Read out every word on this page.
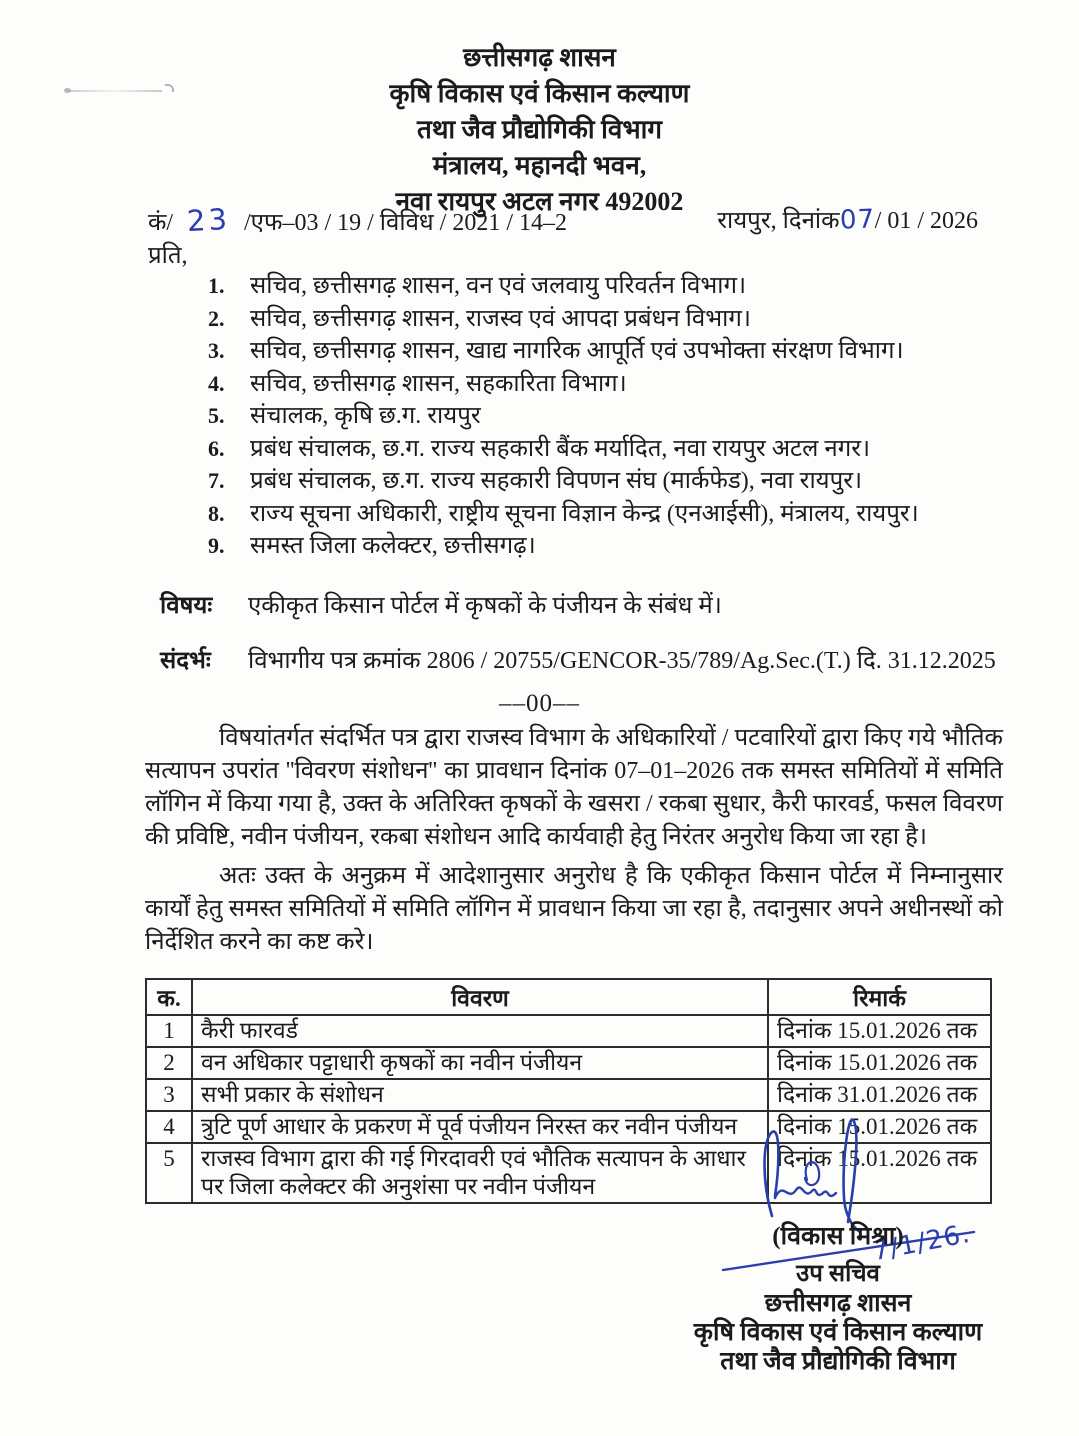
छत्तीसगढ़ शासन
कृषि विकास एवं किसान कल्याण
तथा जैव प्रौद्योगिकी विभाग
मंत्रालय, महानदी भवन,
नवा रायपुर अटल नगर 492002
कं/ 23 /एफ–03 / 19 / विविध / 2021 / 14–2	रायपुर, दिनांक07/ 01 / 2026
प्रति,
1.	सचिव, छत्तीसगढ़ शासन, वन एवं जलवायु परिवर्तन विभाग।
2.	सचिव, छत्तीसगढ़ शासन, राजस्व एवं आपदा प्रबंधन विभाग।
3.	सचिव, छत्तीसगढ़ शासन, खाद्य नागरिक आपूर्ति एवं उपभोक्ता संरक्षण विभाग।
4.	सचिव, छत्तीसगढ़ शासन, सहकारिता विभाग।
5.	संचालक, कृषि छ.ग. रायपुर
6.	प्रबंध संचालक, छ.ग. राज्य सहकारी बैंक मर्यादित, नवा रायपुर अटल नगर।
7.	प्रबंध संचालक, छ.ग. राज्य सहकारी विपणन संघ (मार्कफेड), नवा रायपुर।
8.	राज्य सूचना अधिकारी, राष्ट्रीय सूचना विज्ञान केन्द्र (एनआईसी), मंत्रालय, रायपुर।
9.	समस्त जिला कलेक्टर, छत्तीसगढ़।
विषयः एकीकृत किसान पोर्टल में कृषकों के पंजीयन के संबंध में।
संदर्भः विभागीय पत्र क्रमांक 2806 / 20755/GENCOR-35/789/Ag.Sec.(T.) दि. 31.12.2025
––00––

विषयांतर्गत संदर्भित पत्र द्वारा राजस्व विभाग के अधिकारियों / पटवारियों द्वारा किए गये भौतिक सत्यापन उपरांत ''विवरण संशोधन'' का प्रावधान दिनांक 07–01–2026 तक समस्त समितियों में समिति लॉगिन में किया गया है, उक्त के अतिरिक्त कृषकों के खसरा / रकबा सुधार, कैरी फारवर्ड, फसल विवरण की प्रविष्टि, नवीन पंजीयन, रकबा संशोधन आदि कार्यवाही हेतु निरंतर अनुरोध किया जा रहा है।

अतः उक्त के अनुक्रम में आदेशानुसार अनुरोध है कि एकीकृत किसान पोर्टल में निम्नानुसार कार्यों हेतु समस्त समितियों में समिति लॉगिन में प्रावधान किया जा रहा है, तदानुसार अपने अधीनस्थों को निर्देशित करने का कष्ट करे।

क.	विवरण	रिमार्क
1	कैरी फारवर्ड	दिनांक 15.01.2026 तक
2	वन अधिकार पट्टाधारी कृषकों का नवीन पंजीयन	दिनांक 15.01.2026 तक
3	सभी प्रकार के संशोधन	दिनांक 31.01.2026 तक
4	त्रुटि पूर्ण आधार के प्रकरण में पूर्व पंजीयन निरस्त कर नवीन पंजीयन	दिनांक 15.01.2026 तक
5	राजस्व विभाग द्वारा की गई गिरदावरी एवं भौतिक सत्यापन के आधार पर जिला कलेक्टर की अनुशंसा पर नवीन पंजीयन	दिनांक 15.01.2026 तक
7/1/26.
(विकास मिश्रा)
उप सचिव
छत्तीसगढ़ शासन
कृषि विकास एवं किसान कल्याण
तथा जैव प्रौद्योगिकी विभाग
